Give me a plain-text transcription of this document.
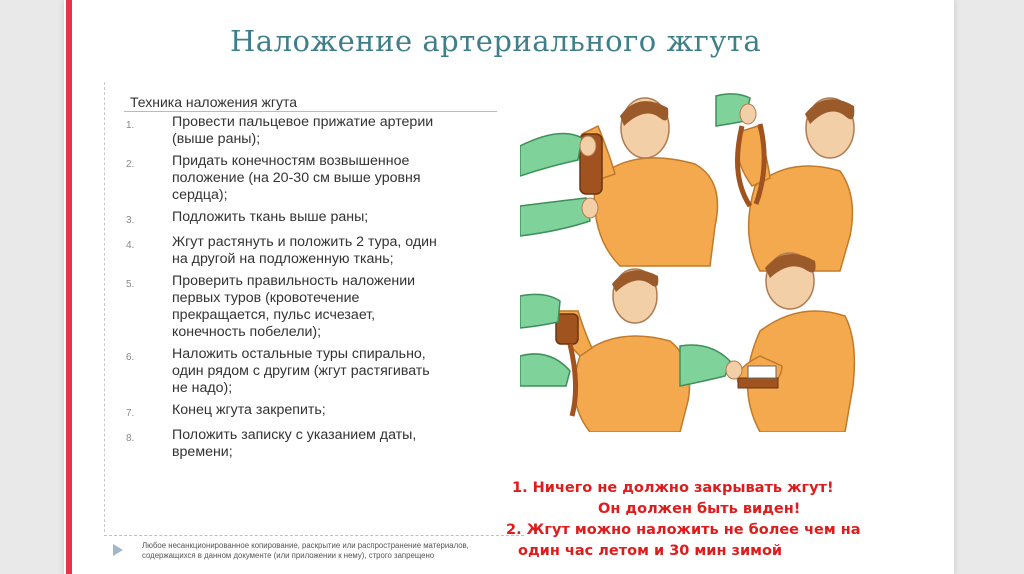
Наложение артериального жгута
Техника наложения жгута
1.	Провести пальцевое прижатие артерии
(выше раны);
2.	Придать конечностям возвышенное
положение (на 20-30 см выше уровня
сердца);
3.	Подложить ткань выше раны;
4.	Жгут растянуть и положить 2 тура, один
на другой на подложенную ткань;
5.	Проверить правильность наложении
первых туров (кровотечение
прекращается, пульс исчезает,
конечность побелели);
6.	Наложить остальные туры спирально,
один рядом с другим (жгут растягивать
не надо);
7.	Конец жгута закрепить;
8.	Положить записку с указанием даты,
времени;
1. Ничего не должно закрывать жгут!
Он должен быть виден!
2. Жгут можно наложить не более чем на
один час летом и 30 мин зимой
Любое несанкционированное копирование, раскрытие или распространение материалов,
содержащихся в данном документе (или приложении к нему), строго запрещено
